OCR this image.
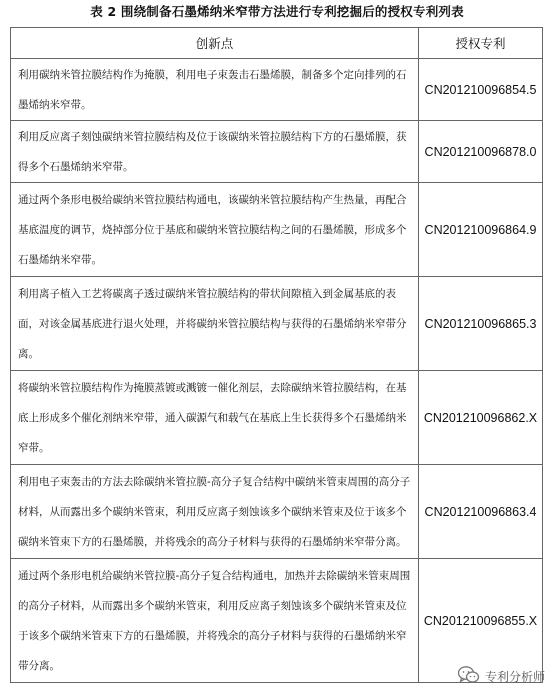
表 2 围绕制备石墨烯纳米窄带方法进行专利挖掘后的授权专利列表
创新点	授权专利
利用碳纳米管拉膜结构作为掩膜，利用电子束轰击石墨烯膜，制备多个定向排列的石墨烯纳米窄带。	CN201210096854.5
利用反应离子刻蚀碳纳米管拉膜结构及位于该碳纳米管拉膜结构下方的石墨烯膜，获得多个石墨烯纳米窄带。	CN201210096878.0
通过两个条形电极给碳纳米管拉膜结构通电，该碳纳米管拉膜结构产生热量，再配合基底温度的调节，烧掉部分位于基底和碳纳米管拉膜结构之间的石墨烯膜，形成多个石墨烯纳米窄带。	CN201210096864.9
利用离子植入工艺将碳离子透过碳纳米管拉膜结构的带状间隙植入到金属基底的表面，对该金属基底进行退火处理，并将碳纳米管拉膜结构与获得的石墨烯纳米窄带分离。	CN201210096865.3
将碳纳米管拉膜结构作为掩膜蒸镀或溅镀一催化剂层，去除碳纳米管拉膜结构，在基底上形成多个催化剂纳米窄带，通入碳源气和载气在基底上生长获得多个石墨烯纳米窄带。	CN201210096862.X
利用电子束轰击的方法去除碳纳米管拉膜-高分子复合结构中碳纳米管束周围的高分子材料，从而露出多个碳纳米管束，利用反应离子刻蚀该多个碳纳米管束及位于该多个碳纳米管束下方的石墨烯膜，并将残余的高分子材料与获得的石墨烯纳米窄带分离。	CN201210096863.4
通过两个条形电机给碳纳米管拉膜-高分子复合结构通电，加热并去除碳纳米管束周围的高分子材料，从而露出多个碳纳米管束，利用反应离子刻蚀该多个碳纳米管束及位于该多个碳纳米管束下方的石墨烯膜，并将残余的高分子材料与获得的石墨烯纳米窄带分离。	CN201210096855.X
专利分析师
